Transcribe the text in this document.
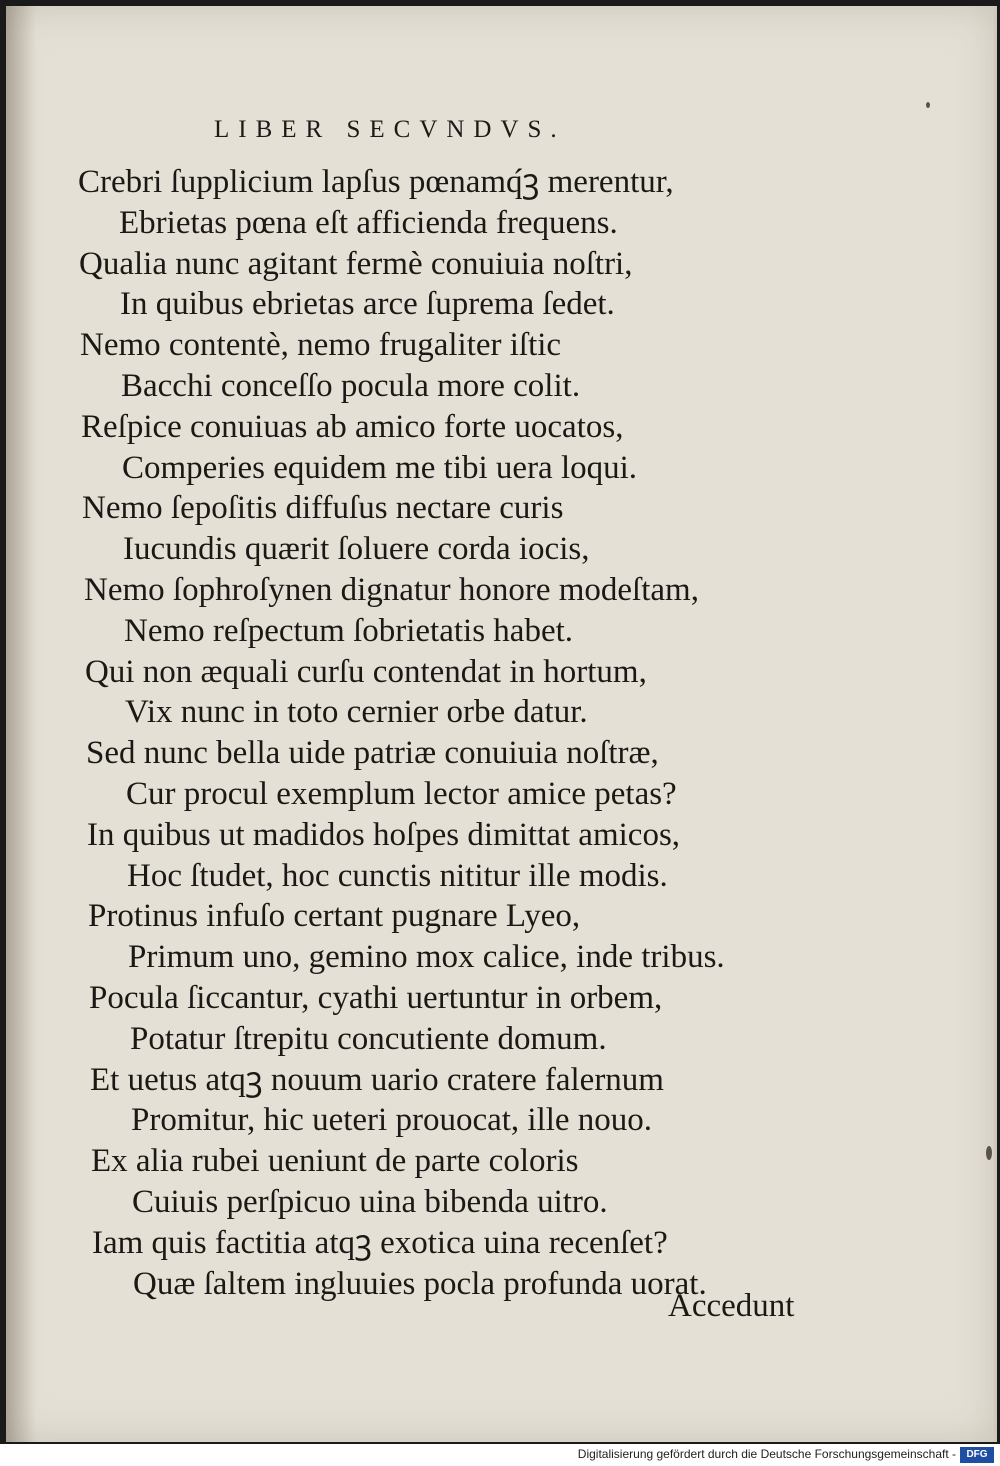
LIBER SECVNDVS.
Crebri ſupplicium lapſus pœnamq́ꝫ merentur,
Ebrietas pœna eſt afficienda frequens.
Qualia nunc agitant fermè conuiuia noſtri,
In quibus ebrietas arce ſuprema ſedet.
Nemo contentè, nemo frugaliter iſtic
Bacchi conceſſo pocula more colit.
Reſpice conuiuas ab amico forte uocatos,
Comperies equidem me tibi uera loqui.
Nemo ſepoſitis diffuſus nectare curis
Iucundis quærit ſoluere corda iocis,
Nemo ſophroſynen dignatur honore modeſtam,
Nemo reſpectum ſobrietatis habet.
Qui non æquali curſu contendat in hortum,
Vix nunc in toto cernier orbe datur.
Sed nunc bella uide patriæ conuiuia noſtræ,
Cur procul exemplum lector amice petas?
In quibus ut madidos hoſpes dimittat amicos,
Hoc ſtudet, hoc cunctis nititur ille modis.
Protinus infuſo certant pugnare Lyeo,
Primum uno, gemino mox calice, inde tribus.
Pocula ſiccantur, cyathi uertuntur in orbem,
Potatur ſtrepitu concutiente domum.
Et uetus atqꝫ nouum uario cratere falernum
Promitur, hic ueteri prouocat, ille nouo.
Ex alia rubei ueniunt de parte coloris
Cuiuis perſpicuo uina bibenda uitro.
Iam quis factitia atqꝫ exotica uina recenſet?
Quæ ſaltem ingluuies pocla profunda uorat.
Accedunt
Digitalisierung gefördert durch die Deutsche Forschungsgemeinschaft -	DFG
